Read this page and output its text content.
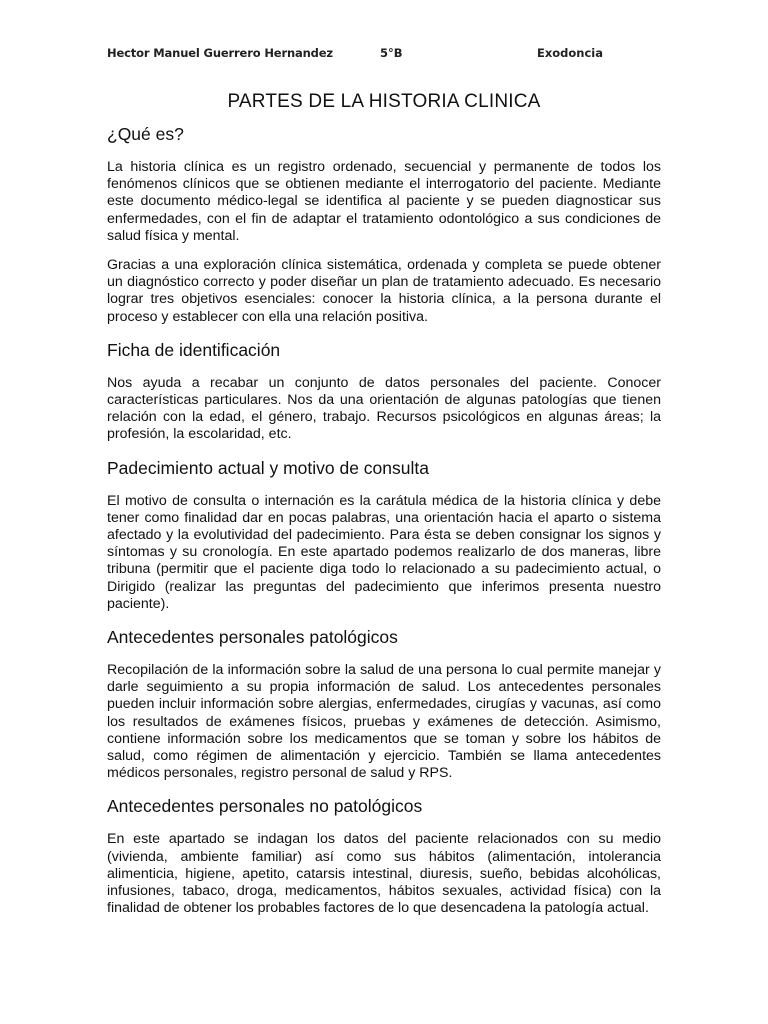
Hector Manuel Guerrero Hernandez	5°B	Exodoncia
PARTES DE LA HISTORIA CLINICA
¿Qué es?

La historia clínica es un registro ordenado, secuencial y permanente de todos los fenómenos clínicos que se obtienen mediante el interrogatorio del paciente. Mediante este documento médico-legal se identifica al paciente y se pueden diagnosticar sus enfermedades, con el fin de adaptar el tratamiento odontológico a sus condiciones de salud física y mental.

Gracias a una exploración clínica sistemática, ordenada y completa se puede obtener un diagnóstico correcto y poder diseñar un plan de tratamiento adecuado. Es necesario lograr tres objetivos esenciales: conocer la historia clínica, a la persona durante el proceso y establecer con ella una relación positiva.

Ficha de identificación

Nos ayuda a recabar un conjunto de datos personales del paciente. Conocer características particulares. Nos da una orientación de algunas patologías que tienen relación con la edad, el género, trabajo. Recursos psicológicos en algunas áreas; la profesión, la escolaridad, etc.

Padecimiento actual y motivo de consulta

El motivo de consulta o internación es la carátula médica de la historia clínica y debe tener como finalidad dar en pocas palabras, una orientación hacia el aparto o sistema afectado y la evolutividad del padecimiento. Para ésta se deben consignar los signos y síntomas y su cronología. En este apartado podemos realizarlo de dos maneras, libre tribuna (permitir que el paciente diga todo lo relacionado a su padecimiento actual, o Dirigido (realizar las preguntas del padecimiento que inferimos presenta nuestro paciente).

Antecedentes personales patológicos

Recopilación de la información sobre la salud de una persona lo cual permite manejar y darle seguimiento a su propia información de salud. Los antecedentes personales pueden incluir información sobre alergias, enfermedades, cirugías y vacunas, así como los resultados de exámenes físicos, pruebas y exámenes de detección. Asimismo, contiene información sobre los medicamentos que se toman y sobre los hábitos de salud, como régimen de alimentación y ejercicio. También se llama antecedentes médicos personales, registro personal de salud y RPS.

Antecedentes personales no patológicos

En este apartado se indagan los datos del paciente relacionados con su medio (vivienda, ambiente familiar) así como sus hábitos (alimentación, intolerancia alimenticia, higiene, apetito, catarsis intestinal, diuresis, sueño, bebidas alcohólicas, infusiones, tabaco, droga, medicamentos, hábitos sexuales, actividad física) con la finalidad de obtener los probables factores de lo que desencadena la patología actual.
